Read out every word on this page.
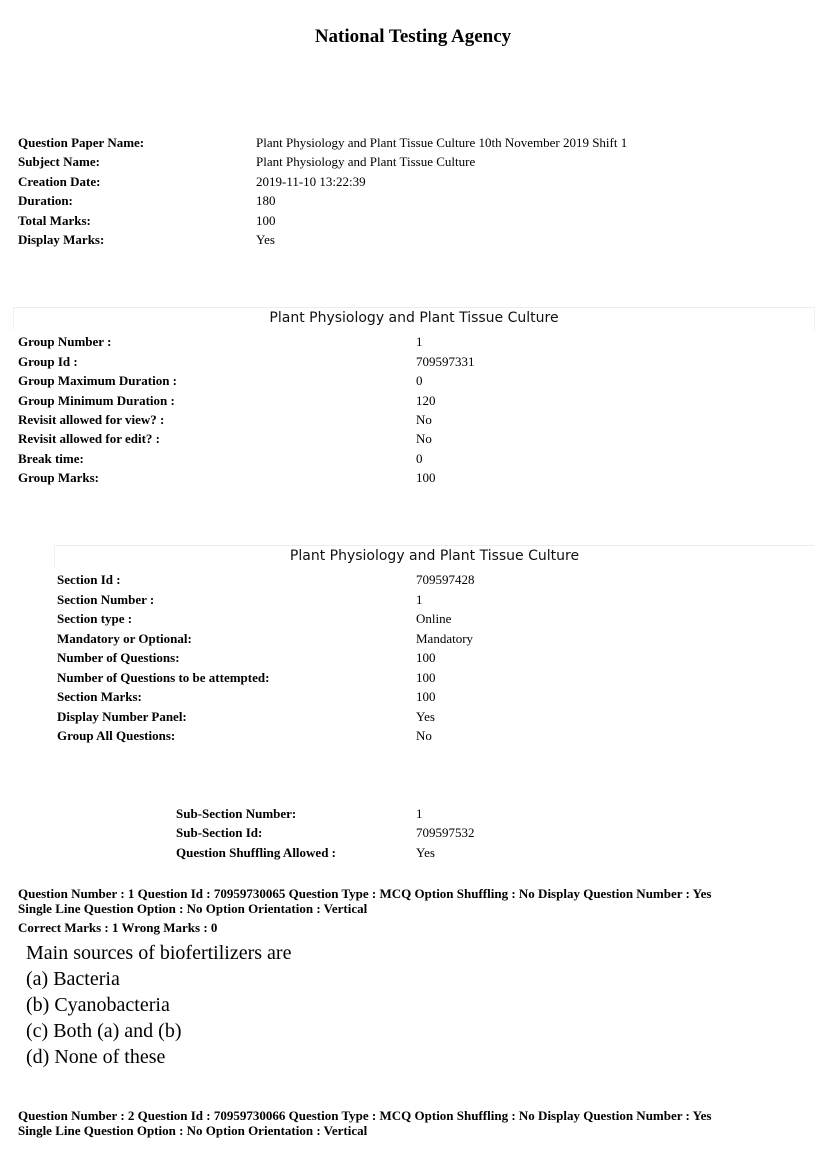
National Testing Agency
Question Paper Name:	Plant Physiology and Plant Tissue Culture 10th November 2019 Shift 1
Subject Name:	Plant Physiology and Plant Tissue Culture
Creation Date:	2019-11-10 13:22:39
Duration:	180
Total Marks:	100
Display Marks:	Yes
Plant Physiology and Plant Tissue Culture
Group Number :	1
Group Id :	709597331
Group Maximum Duration :	0
Group Minimum Duration :	120
Revisit allowed for view? :	No
Revisit allowed for edit? :	No
Break time:	0
Group Marks:	100
Plant Physiology and Plant Tissue Culture
Section Id :	709597428
Section Number :	1
Section type :	Online
Mandatory or Optional:	Mandatory
Number of Questions:	100
Number of Questions to be attempted:	100
Section Marks:	100
Display Number Panel:	Yes
Group All Questions:	No
Sub-Section Number:	1
Sub-Section Id:	709597532
Question Shuffling Allowed :	Yes
Question Number : 1 Question Id : 70959730065 Question Type : MCQ Option Shuffling : No Display Question Number : Yes
Single Line Question Option : No Option Orientation : Vertical
Correct Marks : 1 Wrong Marks : 0
Main sources of biofertilizers are
(a) Bacteria
(b) Cyanobacteria
(c) Both (a) and (b)
(d) None of these
Question Number : 2 Question Id : 70959730066 Question Type : MCQ Option Shuffling : No Display Question Number : Yes
Single Line Question Option : No Option Orientation : Vertical
